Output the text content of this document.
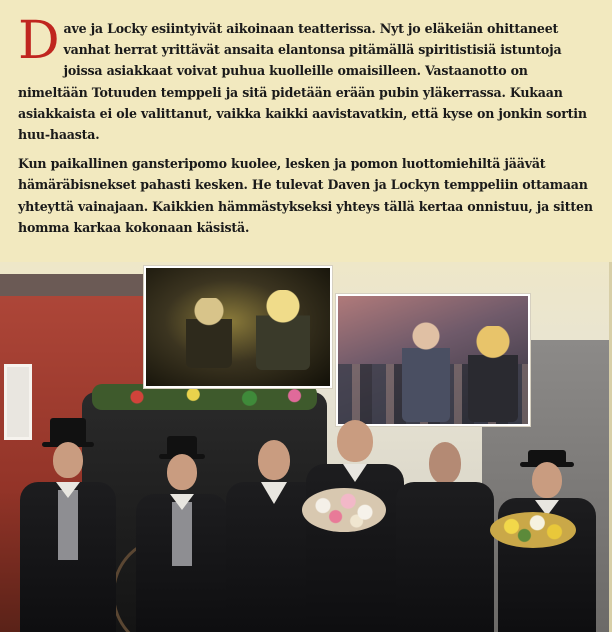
Dave ja Locky esiintyivät aikoinaan teatterissa. Nyt jo eläkeiän ohittaneet vanhat herrat yrittävät ansaita elantonsa pitämällä spiritistisiä istuntoja joissa asiakkaat voivat puhua kuolleille omaisilleen. Vastaanotto on nimeltään Totuuden temppeli ja sitä pidetään erään pubin yläkerrassa. Kukaan asiakkaista ei ole valittanut, vaikka kaikki aavistavatkin, että kyse on jonkin sortin huu-haasta.

Kun paikallinen gansteripomo kuolee, lesken ja pomon luottomiehiltä jäävät hämäräbisnekset pahasti kesken. He tulevat Daven ja Lockyn temppeliin ottamaan yhteyttä vainajaan. Kaikkien hämmästykseksi yhteys tällä kertaa onnistuu, ja sitten homma karkaa kokonaan käsistä.
